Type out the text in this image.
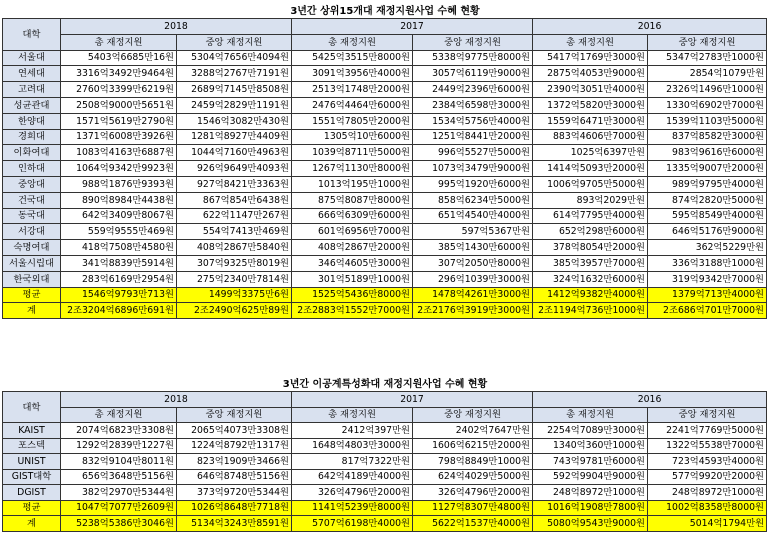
3년간 상위15개대 재정지원사업 수혜 현황
대학	2018		2017		2016	
	총 재정지원	중앙 재정지원	총 재정지원	중앙 재정지원	총 재정지원	중앙 재정지원
서울대	5403억6685만16원	5304억7656만4094원	5425억3515만8000원	5338억9775만8000원	5417억1769만3000원	5347억2783만1000원
연세대	3316억3492만9464원	3288억2767만7191원	3091억3956만4000원	3057억6119만9000원	2875억4053만9000원	2854억1079만원
고려대	2760억3399만6219원	2689억7145만8508원	2513억1748만2000원	2449억2396만6000원	2390억3051만4000원	2326억1496만1000원
성균관대	2508억9000만5651원	2459억2829만1191원	2476억4464만6000원	2384억6598만3000원	1372억5820만3000원	1330억6902만7000원
한양대	1571억5619만2790원	1546억3082만430원	1551억7805만2000원	1534억5756만4000원	1559억6471만3000원	1539억1103만5000원
경희대	1371억6008만3926원	1281억8927만4409원	1305억10만6000원	1251억8441만2000원	883억4606만7000원	837억8582만3000원
이화여대	1083억4163만6887원	1044억7160만4963원	1039억8711만5000원	996억5527만5000원	1025억6397만원	983억9616만6000원
인하대	1064억9342만9923원	926억9649만4093원	1267억1130만8000원	1073억3479만9000원	1414억5093만2000원	1335억9007만2000원
중앙대	988억1876만9393원	927억8421만3363원	1013억195만1000원	995억1920만6000원	1006억9705만5000원	989억9795만4000원
건국대	890억8984만4438원	867억854만6438원	875억8087만8000원	858억6234만5000원	893억2029만원	874억2820만5000원
동국대	642억3409만8067원	622억1147만267원	666억6309만6000원	651억4540만4000원	614억7795만4000원	595억8549만4000원
서강대	559억9555만469원	554억7413만469원	601억6956만7000원	597억5367만원	652억298만6000원	646억5176만9000원
숙명여대	418억7508만4580원	408억2867만5840원	408억2867만2000원	385억1430만6000원	378억8054만2000원	362억5229만원
서울시립대	341억8839만5914원	307억9325만8019원	346억4605만3000원	307억2050만8000원	385억3957만7000원	336억3188만1000원
한국외대	283억6169만2954원	275억2340만7814원	301억5189만1000원	296억1039만3000원	324억1632만6000원	319억9342만7000원
평균	1546억9793만713원	1499억3375만6원	1525억5436만8000원	1478억4261만3000원	1412억9382만4000원	1379억713만4000원
계	2조3204억6896만691원	2조2490억625만89원	2조2883억1552만7000원	2조2176억3919만3000원	2조1194억736만1000원	2조686억701만7000원
3년간 이공계특성화대 재정지원사업 수혜 현황
대학	2018		2017		2016	
	총 재정지원	중앙 재정지원	총 재정지원	중앙 재정지원	총 재정지원	중앙 재정지원
KAIST	2074억6823만3308원	2065억4073만3308원	2412억397만원	2402억7647만원	2254억7089만3000원	2241억7769만5000원
포스텍	1292억2839만1227원	1224억8792만1317원	1648억4803만3000원	1606억6215만2000원	1340억360만1000원	1322억5538만7000원
UNIST	832억9104만8011원	823억1909만3466원	817억7322만원	798억8849만1000원	743억9781만6000원	723억4593만4000원
GIST대학	656억3648만5156원	646억8748만5156원	642억4189만4000원	624억4029만5000원	592억9904만9000원	577억9920만2000원
DGIST	382억2970만5344원	373억9720만5344원	326억4796만2000원	326억4796만2000원	248억8972만1000원	248억8972만1000원
평균	1047억7077만2609원	1026억8648만7718원	1141억5239만8000원	1127억8307만4800원	1016억1908만7800원	1002억8358만8000원
계	5238억5386만3046원	5134억3243만8591원	5707억6198만4000원	5622억1537만4000원	5080억9543만9000원	5014억1794만원
